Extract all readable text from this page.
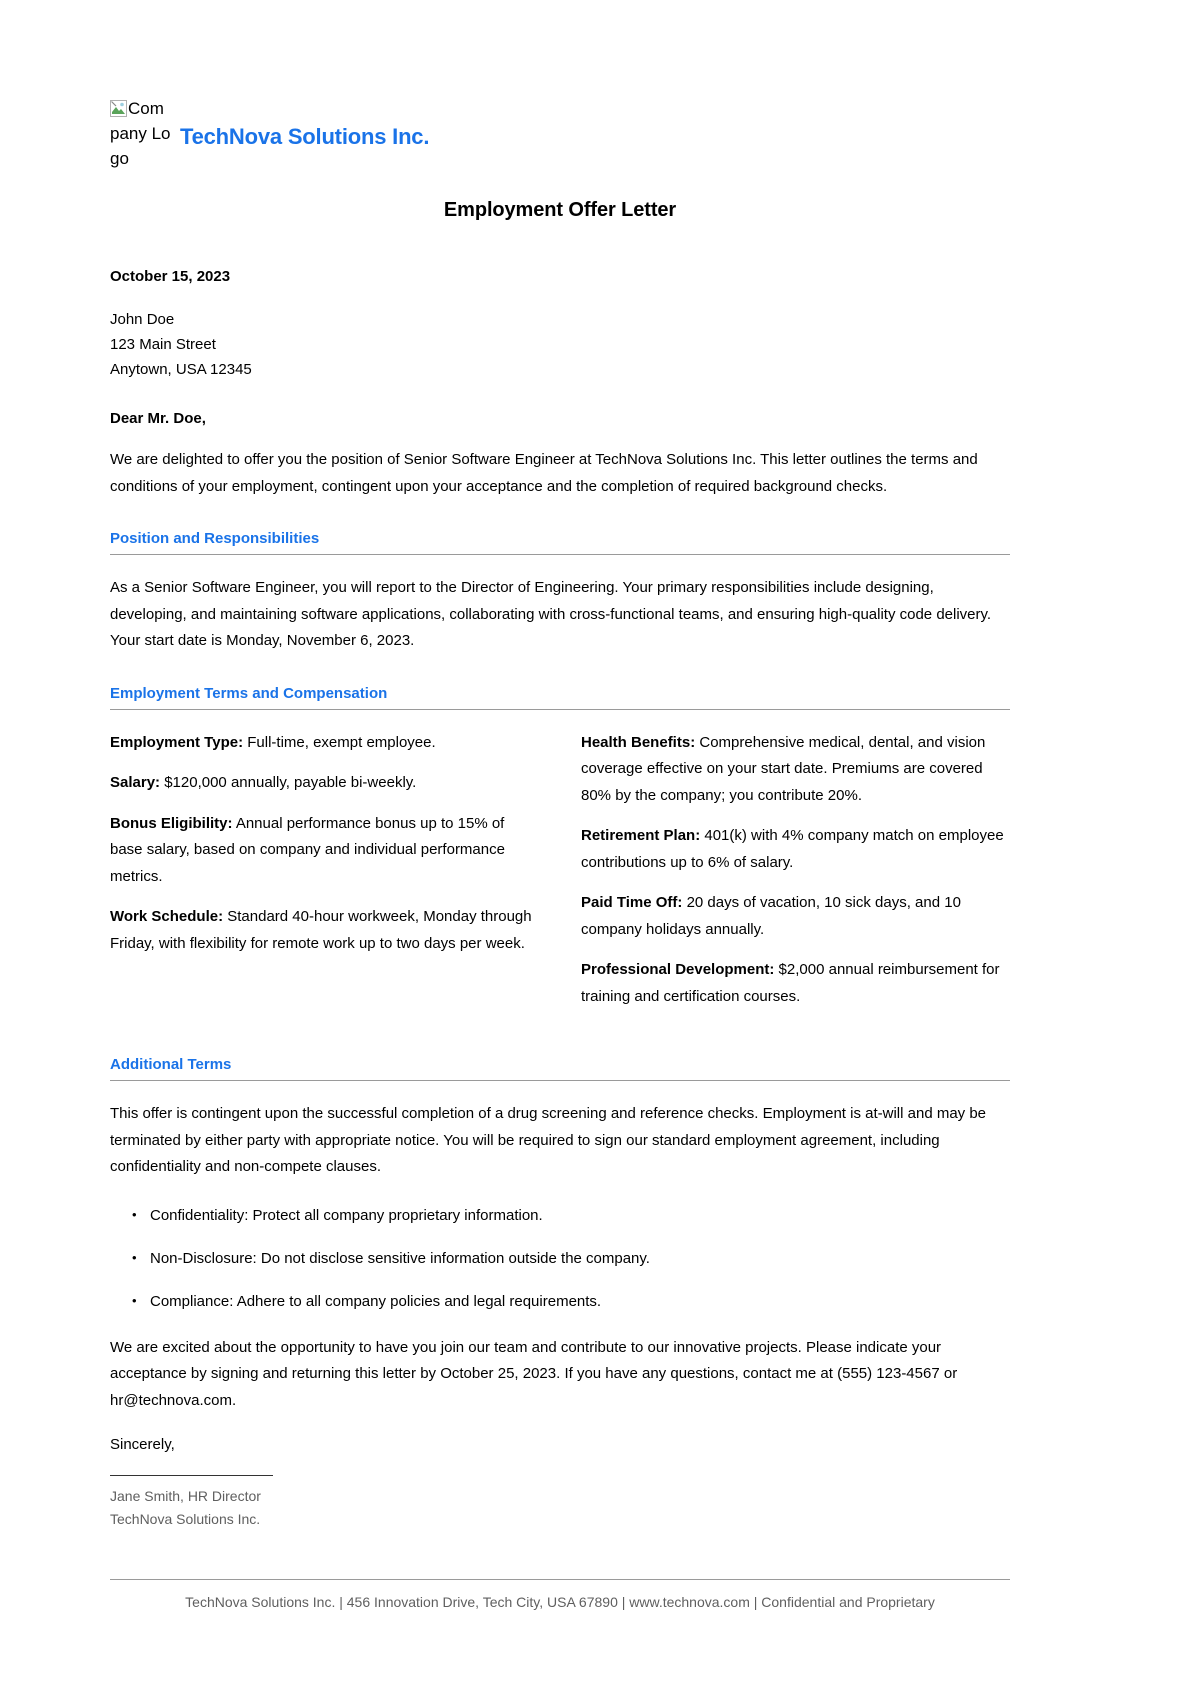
Company Logo
TechNova Solutions Inc.
Employment Offer Letter
October 15, 2023
John Doe
123 Main Street
Anytown, USA 12345
Dear Mr. Doe,

We are delighted to offer you the position of Senior Software Engineer at TechNova Solutions Inc. This letter outlines the terms and conditions of your employment, contingent upon your acceptance and the completion of required background checks.

Position and Responsibilities

As a Senior Software Engineer, you will report to the Director of Engineering. Your primary responsibilities include designing, developing, and maintaining software applications, collaborating with cross-functional teams, and ensuring high-quality code delivery. Your start date is Monday, November 6, 2023.

Employment Terms and Compensation

Employment Type: Full-time, exempt employee.

Salary: $120,000 annually, payable bi-weekly.

Bonus Eligibility: Annual performance bonus up to 15% of base salary, based on company and individual performance metrics.

Work Schedule: Standard 40-hour workweek, Monday through Friday, with flexibility for remote work up to two days per week.

Health Benefits: Comprehensive medical, dental, and vision coverage effective on your start date. Premiums are covered 80% by the company; you contribute 20%.

Retirement Plan: 401(k) with 4% company match on employee contributions up to 6% of salary.

Paid Time Off: 20 days of vacation, 10 sick days, and 10 company holidays annually.

Professional Development: $2,000 annual reimbursement for training and certification courses.

Additional Terms

This offer is contingent upon the successful completion of a drug screening and reference checks. Employment is at-will and may be terminated by either party with appropriate notice. You will be required to sign our standard employment agreement, including confidentiality and non-compete clauses.

• Confidentiality: Protect all company proprietary information.
• Non-Disclosure: Do not disclose sensitive information outside the company.
• Compliance: Adhere to all company policies and legal requirements.

We are excited about the opportunity to have you join our team and contribute to our innovative projects. Please indicate your acceptance by signing and returning this letter by October 25, 2023. If you have any questions, contact me at (555) 123-4567 or hr@technova.com.

Sincerely,
Jane Smith, HR Director
TechNova Solutions Inc.
TechNova Solutions Inc. | 456 Innovation Drive, Tech City, USA 67890 | www.technova.com | Confidential and Proprietary
